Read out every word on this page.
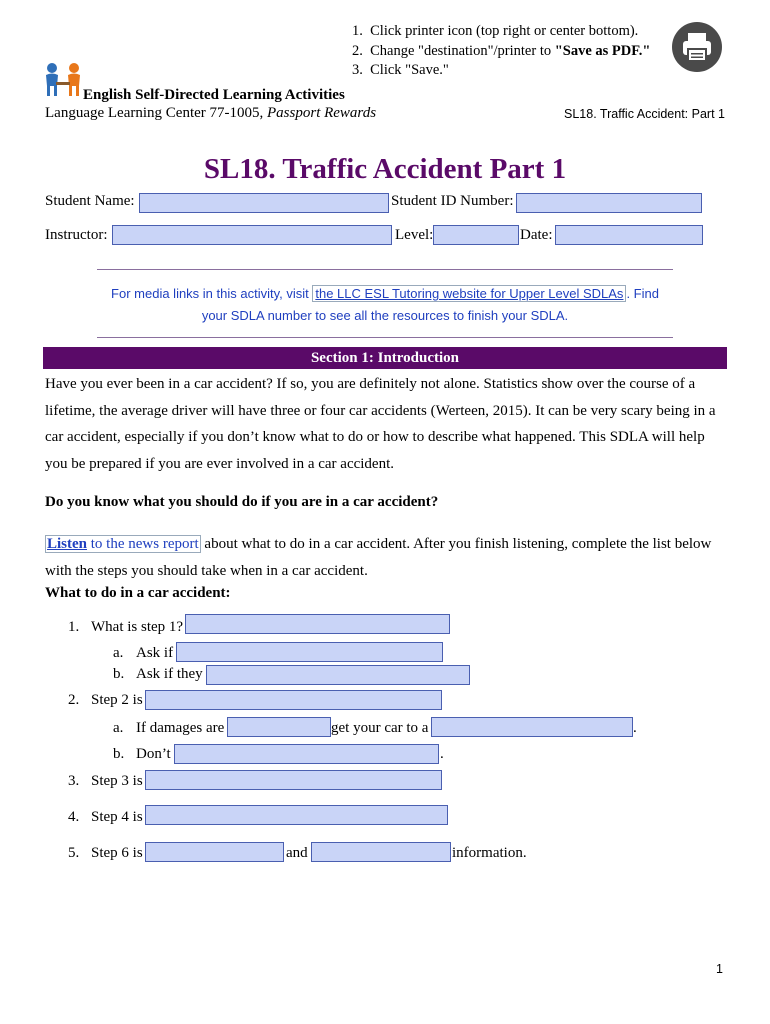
1. Click printer icon (top right or center bottom).
2. Change "destination"/printer to "Save as PDF."
3. Click "Save."
English Self-Directed Learning Activities
Language Learning Center 77-1005, Passport Rewards	SL18. Traffic Accident: Part 1
SL18. Traffic Accident Part 1
Student Name:	Student ID Number:
Instructor:	Level:	Date:
For media links in this activity, visit the LLC ESL Tutoring website for Upper Level SDLAs . Find
your SDLA number to see all the resources to finish your SDLA.
Section 1: Introduction
Have you ever been in a car accident? If so, you are definitely not alone. Statistics show over the course of a
lifetime, the average driver will have three or four car accidents (Werteen, 2015). It can be very scary being in a
car accident, especially if you don’t know what to do or how to describe what happened. This SDLA will help
you be prepared if you are ever involved in a car accident.
Do you know what you should do if you are in a car accident?
Listen to the news report about what to do in a car accident. After you finish listening, complete the list below
with the steps you should take when in a car accident.
What to do in a car accident:
1. What is step 1?
a. Ask if
b. Ask if they
2. Step 2 is
a. If damages are	get your car to a	.
b. Don’t	.
3. Step 3 is
4. Step 4 is
5. Step 6 is	and	information.
1
